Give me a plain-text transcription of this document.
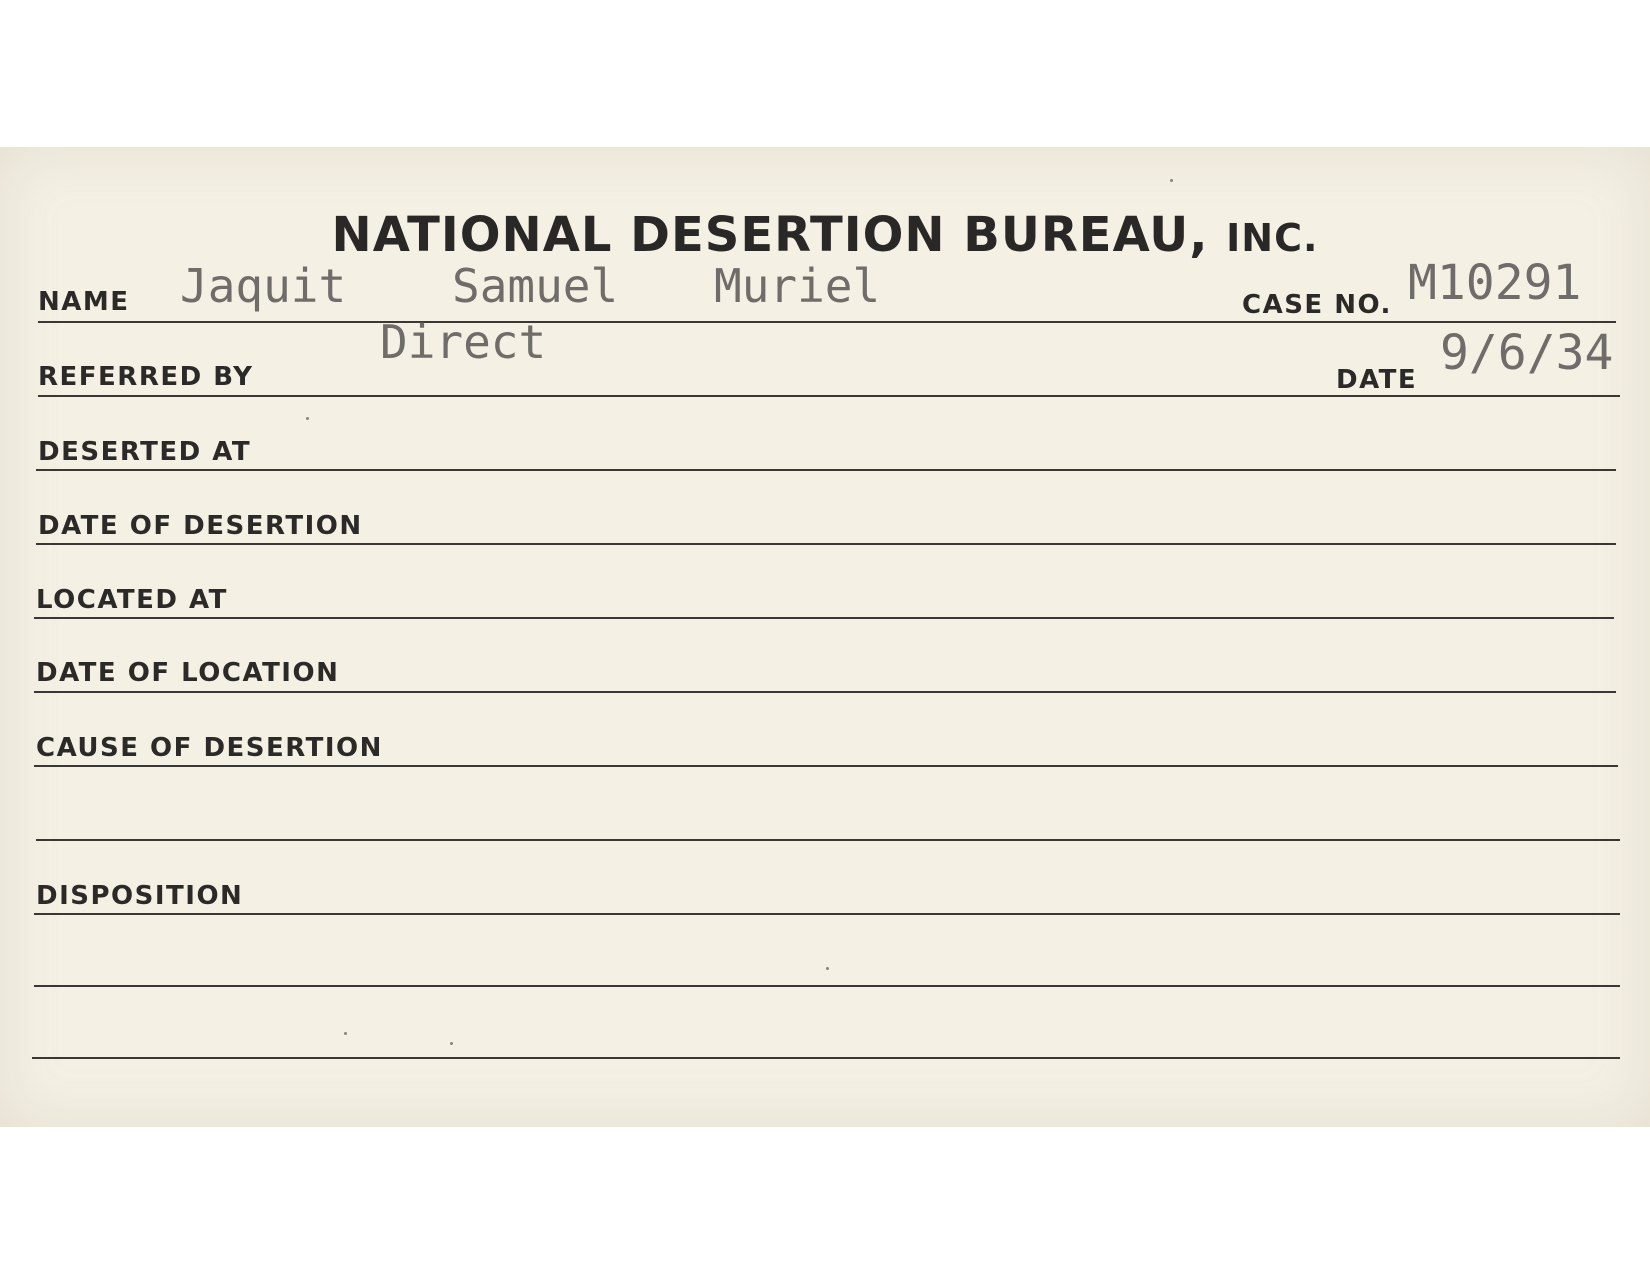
NATIONAL DESERTION BUREAU, INC.
NAME Jaquit Samuel Muriel	CASE NO. M10291
Direct
REFERRED BY	DATE 9/6/34
DESERTED AT
DATE OF DESERTION
LOCATED AT
DATE OF LOCATION
CAUSE OF DESERTION
DISPOSITION
